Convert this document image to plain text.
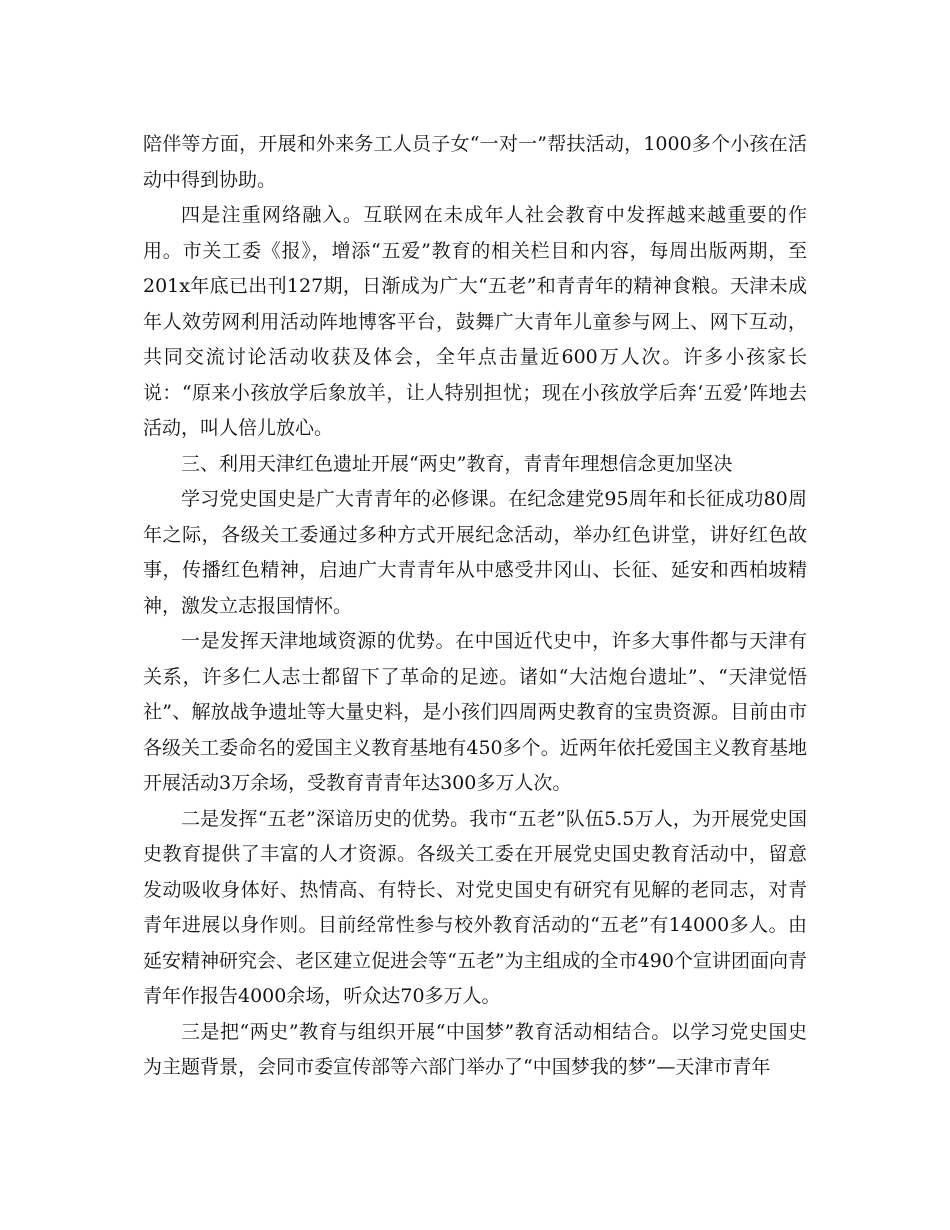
陪伴等方面，开展和外来务工人员子女“一对一”帮扶活动，1000多个小孩在活动中得到协助。

四是注重网络融入。互联网在未成年人社会教育中发挥越来越重要的作用。市关工委《报》，增添“五爱”教育的相关栏目和内容，每周出版两期，至201x年底已出刊127期，日渐成为广大“五老”和青青年的精神食粮。天津未成年人效劳网利用活动阵地博客平台，鼓舞广大青年儿童参与网上、网下互动，共同交流讨论活动收获及体会，全年点击量近600万人次。许多小孩家长说：“原来小孩放学后象放羊，让人特别担忧；现在小孩放学后奔‘五爱’阵地去活动，叫人倍儿放心。

三、利用天津红色遗址开展“两史”教育，青青年理想信念更加坚决

学习党史国史是广大青青年的必修课。在纪念建党95周年和长征成功80周年之际，各级关工委通过多种方式开展纪念活动，举办红色讲堂，讲好红色故事，传播红色精神，启迪广大青青年从中感受井冈山、长征、延安和西柏坡精神，激发立志报国情怀。

一是发挥天津地域资源的优势。在中国近代史中，许多大事件都与天津有关系，许多仁人志士都留下了革命的足迹。诸如“大沽炮台遗址”、“天津觉悟社”、解放战争遗址等大量史料，是小孩们四周两史教育的宝贵资源。目前由市各级关工委命名的爱国主义教育基地有450多个。近两年依托爱国主义教育基地开展活动3万余场，受教育青青年达300多万人次。

二是发挥“五老”深谙历史的优势。我市“五老”队伍5.5万人，为开展党史国史教育提供了丰富的人才资源。各级关工委在开展党史国史教育活动中，留意发动吸收身体好、热情高、有特长、对党史国史有研究有见解的老同志，对青青年进展以身作则。目前经常性参与校外教育活动的“五老”有14000多人。由延安精神研究会、老区建立促进会等“五老”为主组成的全市490个宣讲团面向青青年作报告4000余场，听众达70多万人。

三是把“两史”教育与组织开展“中国梦”教育活动相结合。以学习党史国史为主题背景，会同市委宣传部等六部门举办了“中国梦我的梦”—天津市青年
